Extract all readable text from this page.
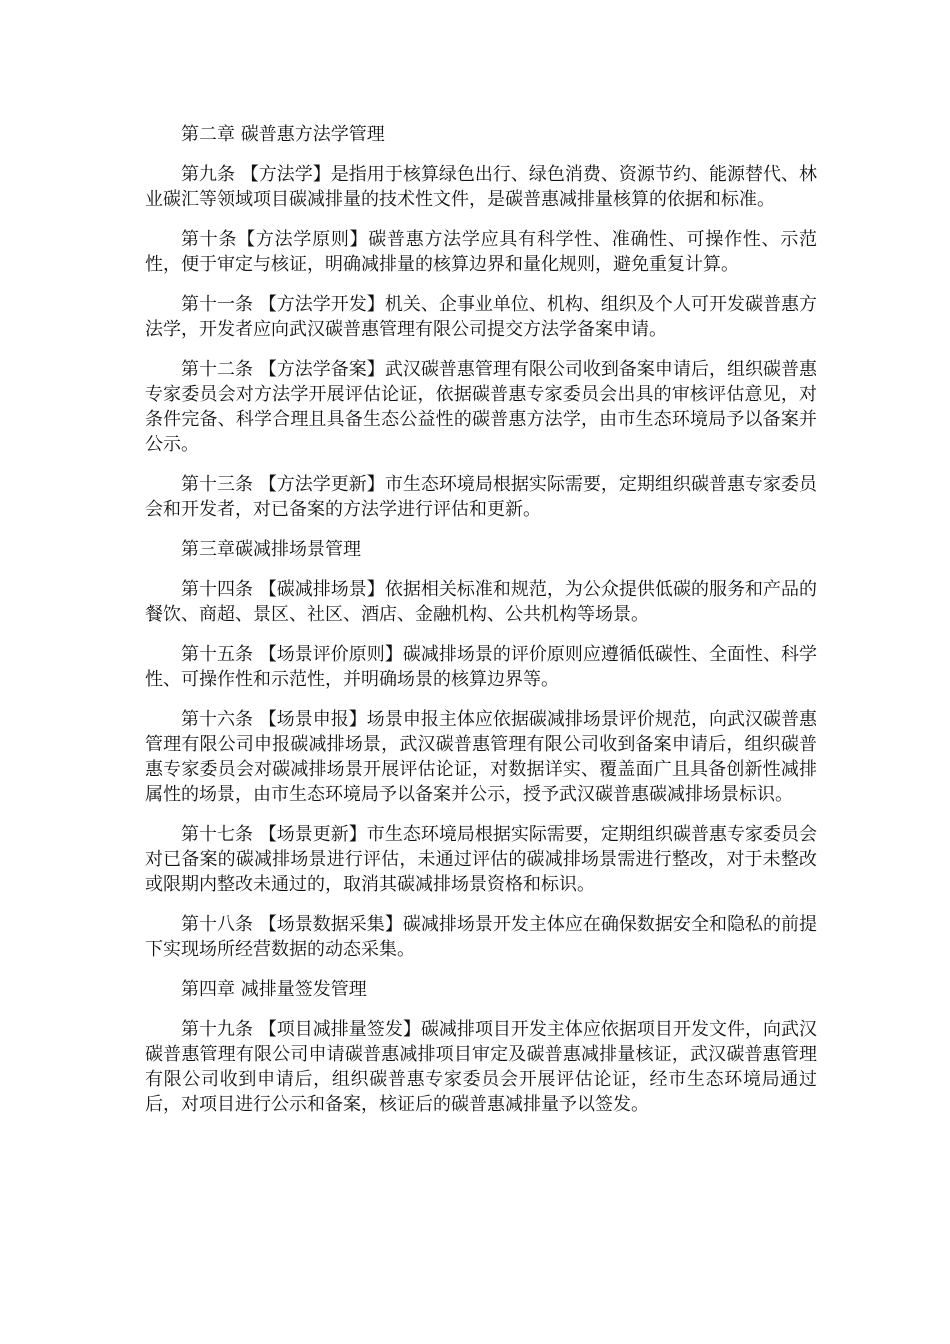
第二章 碳普惠方法学管理

第九条 【方法学】是指用于核算绿色出行、绿色消费、资源节约、能源替代、林业碳汇等领域项目碳减排量的技术性文件，是碳普惠减排量核算的依据和标准。

第十条【方法学原则】碳普惠方法学应具有科学性、准确性、可操作性、示范性，便于审定与核证，明确减排量的核算边界和量化规则，避免重复计算。

第十一条 【方法学开发】机关、企事业单位、机构、组织及个人可开发碳普惠方法学，开发者应向武汉碳普惠管理有限公司提交方法学备案申请。

第十二条 【方法学备案】武汉碳普惠管理有限公司收到备案申请后，组织碳普惠专家委员会对方法学开展评估论证，依据碳普惠专家委员会出具的审核评估意见，对条件完备、科学合理且具备生态公益性的碳普惠方法学，由市生态环境局予以备案并公示。

第十三条 【方法学更新】市生态环境局根据实际需要，定期组织碳普惠专家委员会和开发者，对已备案的方法学进行评估和更新。

第三章碳减排场景管理

第十四条 【碳减排场景】依据相关标准和规范，为公众提供低碳的服务和产品的餐饮、商超、景区、社区、酒店、金融机构、公共机构等场景。

第十五条 【场景评价原则】碳减排场景的评价原则应遵循低碳性、全面性、科学性、可操作性和示范性，并明确场景的核算边界等。

第十六条 【场景申报】场景申报主体应依据碳减排场景评价规范，向武汉碳普惠管理有限公司申报碳减排场景，武汉碳普惠管理有限公司收到备案申请后，组织碳普惠专家委员会对碳减排场景开展评估论证，对数据详实、覆盖面广且具备创新性减排属性的场景，由市生态环境局予以备案并公示，授予武汉碳普惠碳减排场景标识。

第十七条 【场景更新】市生态环境局根据实际需要，定期组织碳普惠专家委员会对已备案的碳减排场景进行评估，未通过评估的碳减排场景需进行整改，对于未整改或限期内整改未通过的，取消其碳减排场景资格和标识。

第十八条 【场景数据采集】碳减排场景开发主体应在确保数据安全和隐私的前提下实现场所经营数据的动态采集。

第四章 减排量签发管理

第十九条 【项目减排量签发】碳减排项目开发主体应依据项目开发文件，向武汉碳普惠管理有限公司申请碳普惠减排项目审定及碳普惠减排量核证，武汉碳普惠管理有限公司收到申请后，组织碳普惠专家委员会开展评估论证，经市生态环境局通过后，对项目进行公示和备案，核证后的碳普惠减排量予以签发。
